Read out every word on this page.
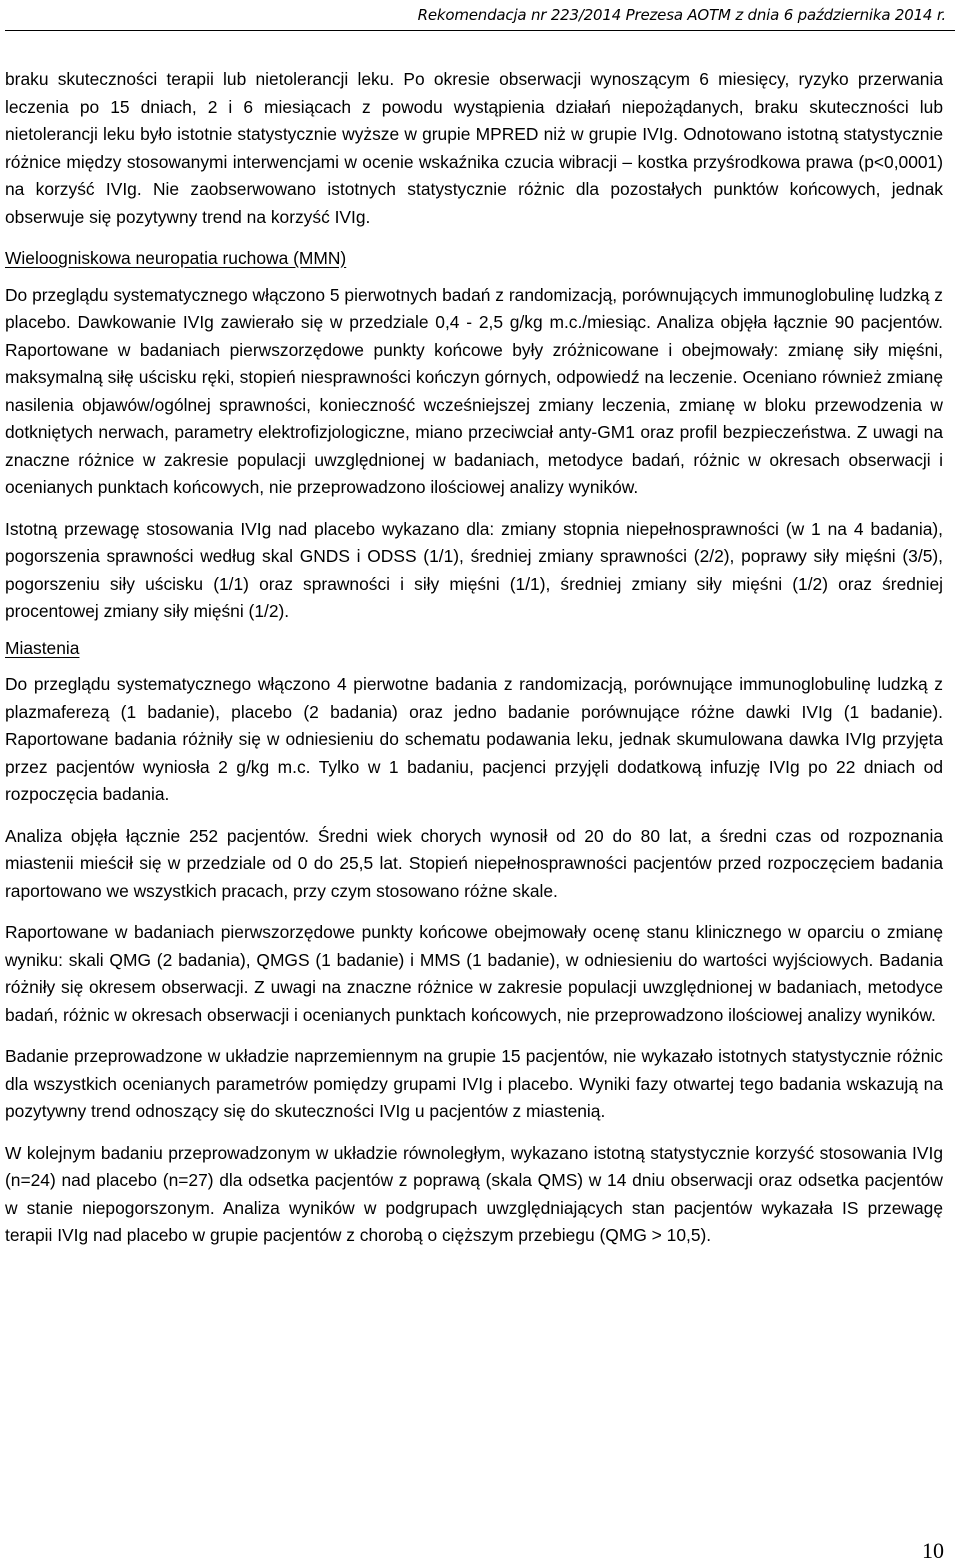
Rekomendacja nr 223/2014 Prezesa AOTM z dnia 6 października 2014 r.

braku skuteczności terapii lub nietolerancji leku. Po okresie obserwacji wynoszącym 6 miesięcy, ryzyko przerwania leczenia po 15 dniach, 2 i 6 miesiącach z powodu wystąpienia działań niepożądanych, braku skuteczności lub nietolerancji leku było istotnie statystycznie wyższe w grupie MPRED niż w grupie IVIg. Odnotowano istotną statystycznie różnice między stosowanymi interwencjami w ocenie wskaźnika czucia wibracji – kostka przyśrodkowa prawa (p<0,0001) na korzyść IVIg. Nie zaobserwowano istotnych statystycznie różnic dla pozostałych punktów końcowych, jednak obserwuje się pozytywny trend na korzyść IVIg.

Wieloogniskowa neuropatia ruchowa (MMN)

Do przeglądu systematycznego włączono 5 pierwotnych badań z randomizacją, porównujących immunoglobulinę ludzką z placebo. Dawkowanie IVIg zawierało się w przedziale 0,4 - 2,5 g/kg m.c./miesiąc. Analiza objęła łącznie 90 pacjentów. Raportowane w badaniach pierwszorzędowe punkty końcowe były zróżnicowane i obejmowały: zmianę siły mięśni, maksymalną siłę uścisku ręki, stopień niesprawności kończyn górnych, odpowiedź na leczenie. Oceniano również zmianę nasilenia objawów/ogólnej sprawności, konieczność wcześniejszej zmiany leczenia, zmianę w bloku przewodzenia w dotkniętych nerwach, parametry elektrofizjologiczne, miano przeciwciał anty-GM1 oraz profil bezpieczeństwa. Z uwagi na znaczne różnice w zakresie populacji uwzględnionej w badaniach, metodyce badań, różnic w okresach obserwacji i ocenianych punktach końcowych, nie przeprowadzono ilościowej analizy wyników.

Istotną przewagę stosowania IVIg nad placebo wykazano dla: zmiany stopnia niepełnosprawności (w 1 na 4 badania), pogorszenia sprawności według skal GNDS i ODSS (1/1), średniej zmiany sprawności (2/2), poprawy siły mięśni (3/5), pogorszeniu siły uścisku (1/1) oraz sprawności i siły mięśni (1/1), średniej zmiany siły mięśni (1/2) oraz średniej procentowej zmiany siły mięśni (1/2).

Miastenia

Do przeglądu systematycznego włączono 4 pierwotne badania z randomizacją, porównujące immunoglobulinę ludzką z plazmaferezą (1 badanie), placebo (2 badania) oraz jedno badanie porównujące różne dawki IVIg (1 badanie). Raportowane badania różniły się w odniesieniu do schematu podawania leku, jednak skumulowana dawka IVIg przyjęta przez pacjentów wyniosła 2 g/kg m.c. Tylko w 1 badaniu, pacjenci przyjęli dodatkową infuzję IVIg po 22 dniach od rozpoczęcia badania.

Analiza objęła łącznie 252 pacjentów. Średni wiek chorych wynosił od 20 do 80 lat, a średni czas od rozpoznania miastenii mieścił się w przedziale od 0 do 25,5 lat. Stopień niepełnosprawności pacjentów przed rozpoczęciem badania raportowano we wszystkich pracach, przy czym stosowano różne skale.

Raportowane w badaniach pierwszorzędowe punkty końcowe obejmowały ocenę stanu klinicznego w oparciu o zmianę wyniku: skali QMG (2 badania), QMGS (1 badanie) i MMS (1 badanie), w odniesieniu do wartości wyjściowych. Badania różniły się okresem obserwacji. Z uwagi na znaczne różnice w zakresie populacji uwzględnionej w badaniach, metodyce badań, różnic w okresach obserwacji i ocenianych punktach końcowych, nie przeprowadzono ilościowej analizy wyników.

Badanie przeprowadzone w układzie naprzemiennym na grupie 15 pacjentów, nie wykazało istotnych statystycznie różnic dla wszystkich ocenianych parametrów pomiędzy grupami IVIg i placebo. Wyniki fazy otwartej tego badania wskazują na pozytywny trend odnoszący się do skuteczności IVIg u pacjentów z miastenią.

W kolejnym badaniu przeprowadzonym w układzie równoległym, wykazano istotną statystycznie korzyść stosowania IVIg (n=24) nad placebo (n=27) dla odsetka pacjentów z poprawą (skala QMS) w 14 dniu obserwacji oraz odsetka pacjentów w stanie niepogorszonym. Analiza wyników w podgrupach uwzględniających stan pacjentów wykazała IS przewagę terapii IVIg nad placebo w grupie pacjentów z chorobą o cięższym przebiegu (QMG > 10,5).

10
